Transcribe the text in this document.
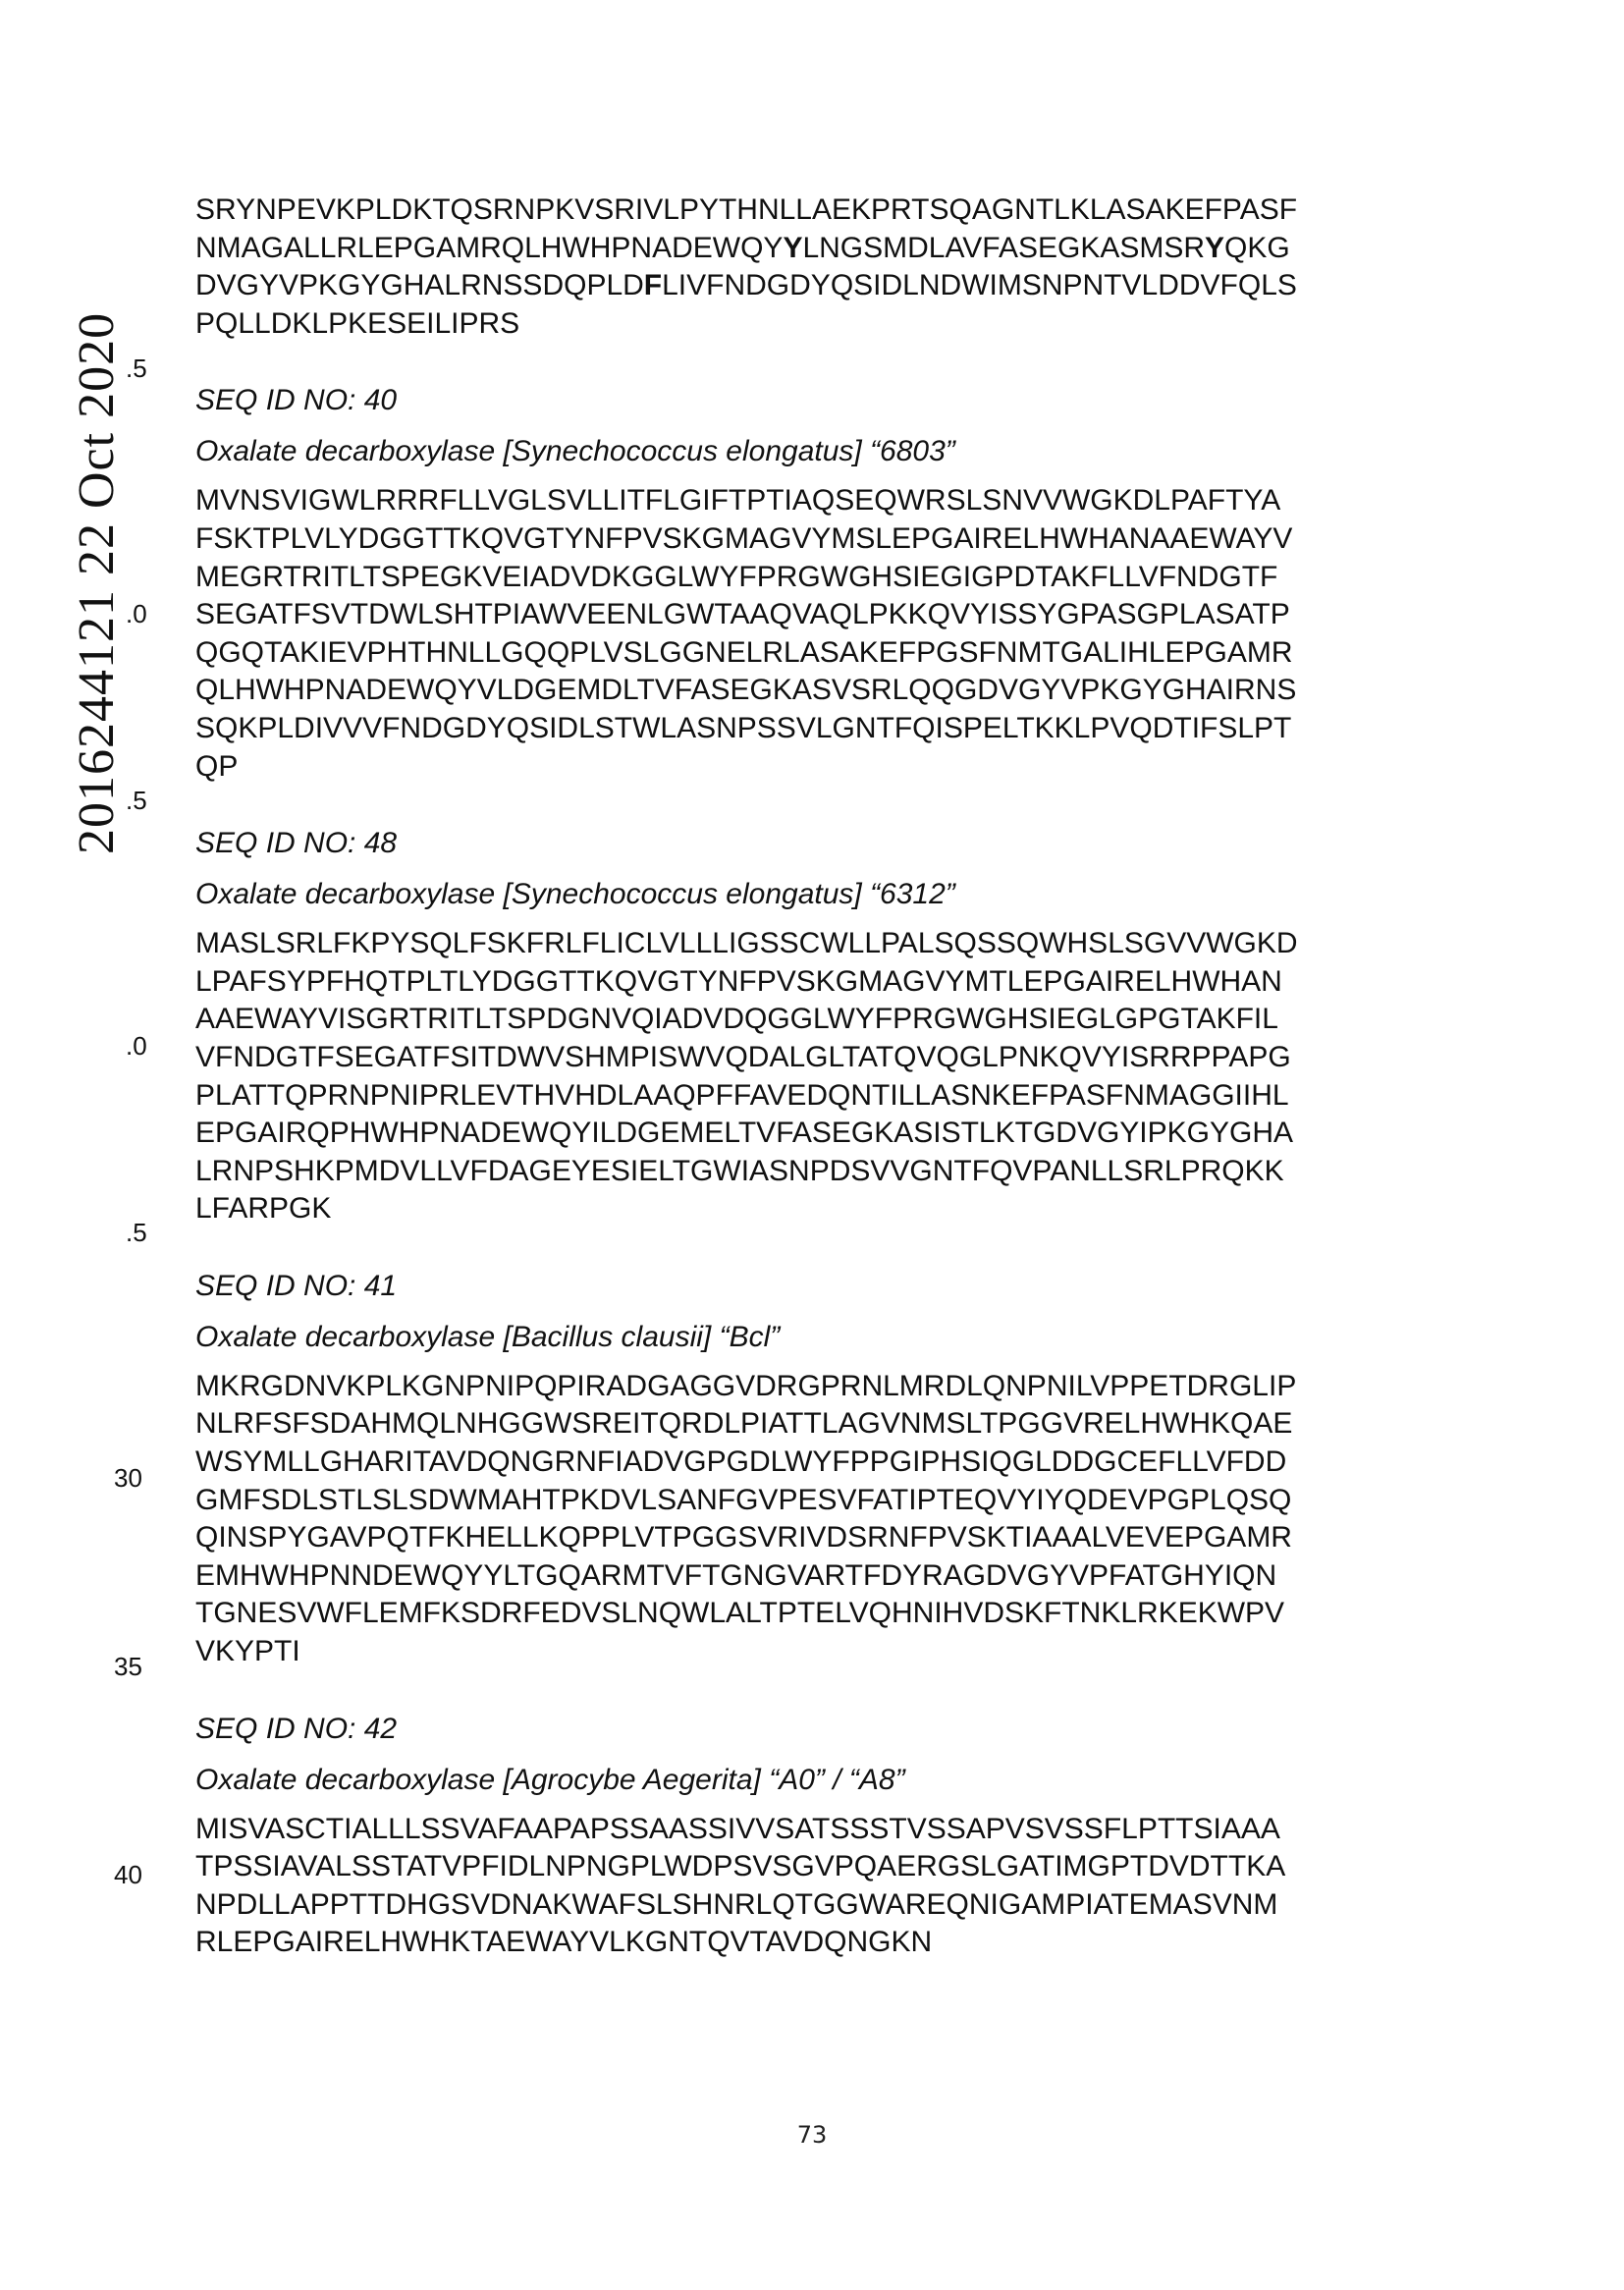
2016244121 22 Oct 2020 .5
.0
.5
.0
.5
30
35
40
SRYNPEVKPLDKTQSRNPKVSRIVLPYTHNLLAEKPRTSQAGNTLKLASAKEFPASF
NMAGALLRLEPGAMRQLHWHPNADEWQYYLNGSMDLAVFASEGKASMSRYQKG
DVGYVPKGYGHALRNSSDQPLDFLIVFNDGDYQSIDLNDWIMSNPNTVLDDVFQLS
PQLLDKLPKESEILIPRS

SEQ ID NO: 40

Oxalate decarboxylase [Synechococcus elongatus] “6803”

MVNSVIGWLRRRFLLVGLSVLLITFLGIFTPTIAQSEQWRSLSNVVWGKDLPAFTYA
FSKTPLVLYDGGTTKQVGTYNFPVSKGMAGVYMSLEPGAIRELHWHANAAEWAYV
MEGRTRITLTSPEGKVEIADVDKGGLWYFPRGWGHSIEGIGPDTAKFLLVFNDGTF
SEGATFSVTDWLSHTPIAWVEENLGWTAAQVAQLPKKQVYISSYGPASGPLASATP
QGQTAKIEVPHTHNLLGQQPLVSLGGNELRLASAKEFPGSFNMTGALIHLEPGAMR
QLHWHPNADEWQYVLDGEMDLTVFASEGKASVSRLQQGDVGYVPKGYGHAIRNS
SQKPLDIVVVFNDGDYQSIDLSTWLASNPSSVLGNTFQISPELTKKLPVQDTIFSLPT
QP

SEQ ID NO: 48

Oxalate decarboxylase [Synechococcus elongatus] “6312”

MASLSRLFKPYSQLFSKFRLFLICLVLLLIGSSCWLLPALSQSSQWHSLSGVVWGKD
LPAFSYPFHQTPLTLYDGGTTKQVGTYNFPVSKGMAGVYMTLEPGAIRELHWHAN
AAEWAYVISGRTRITLTSPDGNVQIADVDQGGLWYFPRGWGHSIEGLGPGTAKFIL
VFNDGTFSEGATFSITDWVSHMPISWVQDALGLTATQVQGLPNKQVYISRRPPAPG
PLATTQPRNPNIPRLEVTHVHDLAAQPFFAVEDQNTILLASNKEFPASFNMAGGIIHL
EPGAIRQPHWHPNADEWQYILDGEMELTVFASEGKASISTLKTGDVGYIPKGYGHA
LRNPSHKPMDVLLVFDAGEYESIELTGWIASNPDSVVGNTFQVPANLLSRLPRQKK
LFARPGK

SEQ ID NO: 41

Oxalate decarboxylase [Bacillus clausii] “Bcl”

MKRGDNVKPLKGNPNIPQPIRADGAGGVDRGPRNLMRDLQNPNILVPPETDRGLIP
NLRFSFSDAHMQLNHGGWSREITQRDLPIATTLAGVNMSLTPGGVRELHWHKQAE
WSYMLLGHARITAVDQNGRNFIADVGPGDLWYFPPGIPHSIQGLDDGCEFLLVFDD
GMFSDLSTLSLSDWMAHTPKDVLSANFGVPESVFATIPTEQVYIYQDEVPGPLQSQ
QINSPYGAVPQTFKHELLKQPPLVTPGGSVRIVDSRNFPVSKTIAAALVEVEPGAMR
EMHWHPNNDEWQYYLTGQARMTVFTGNGVARTFDYRAGDVGYVPFATGHYIQN
TGNESVWFLEMFKSDRFEDVSLNQWLALTPTELVQHNIHVDSKFTNKLRKEKWPV
VKYPTI

SEQ ID NO: 42

Oxalate decarboxylase [Agrocybe Aegerita] “A0” / “A8”

MISVASCTIALLLSSVAFAAPAPSSAASSIVVSATSSSTVSSAPVSVSSFLPTTSIAAA
TPSSIAVALSSTATVPFIDLNPNGPLWDPSVSGVPQAERGSLGATIMGPTDVDTTKA
NPDLLAPPTTDHGSVDNAKWAFSLSHNRLQTGGWAREQNIGAMPIATEMASVNM
RLEPGAIRELHWHKTAEWAYVLKGNTQVTAVDQNGKN
73
